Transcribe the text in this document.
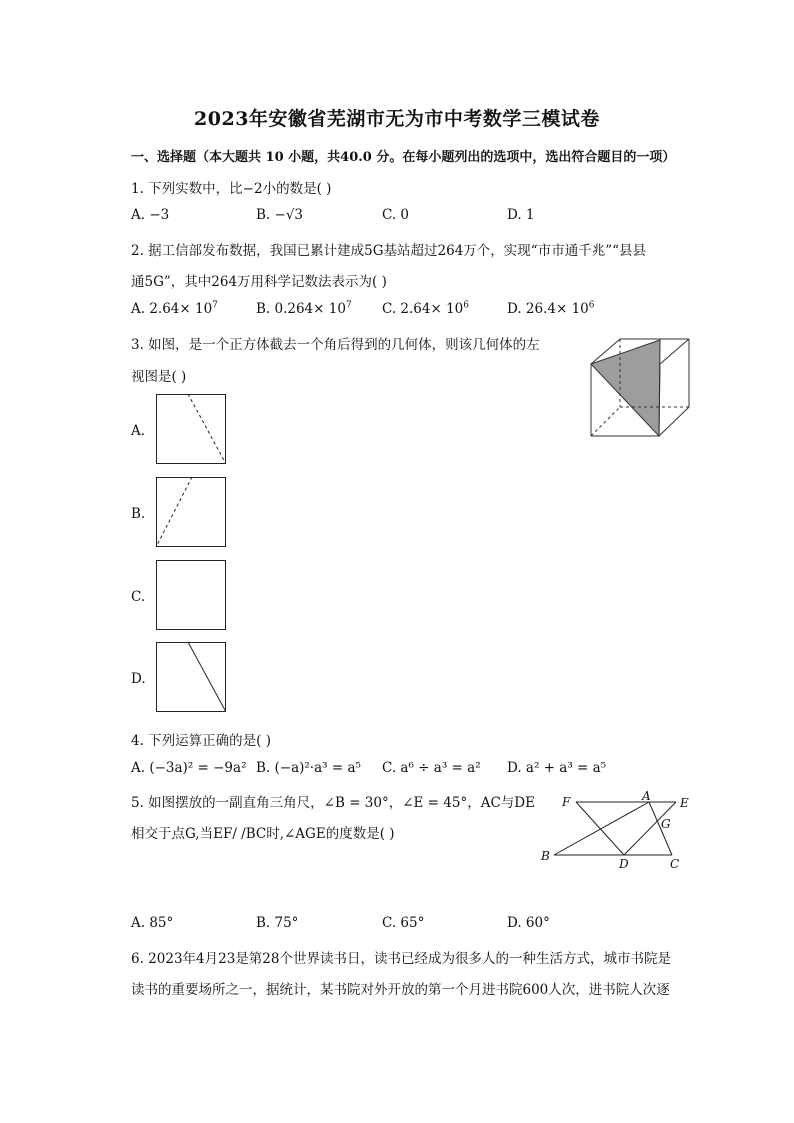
2023年安徽省芜湖市无为市中考数学三模试卷
一、选择题（本大题共 10 小题，共40.0 分。在每小题列出的选项中，选出符合题目的一项）
1. 下列实数中，比−2小的数是( )
A. −3	B. −√3	C. 0	D. 1
2. 据工信部发布数据，我国已累计建成5G基站超过264万个，实现“市市通千兆”“县县
通5G”，其中264万用科学记数法表示为( )
A. $2.64\times 10^7$	B. $0.264\times 10^7$ C. $2.64\times 10^6$	D. $26.4\times 10^6$
3. 如图，是一个正方体截去一个角后得到的几何体，则该几何体的左
视图是( )
A.
B.
C.
D.
4. 下列运算正确的是( )
A. (−3a)² = −9a² B. (−a)²·a³ = a⁵ C. a⁶ ÷ a³ = a² D. a² + a³ = a⁵
5. 如图摆放的一副直角三角尺，∠B = 30°，∠E = 45°，AC与DE
相交于点G,当EF/ /BC时,∠AGE的度数是( )
F	A E
G
B
D	C
A. 85°	B. 75°	C. 65°	D. 60°
6. 2023年4月23是第28个世界读书日，读书已经成为很多人的一种生活方式，城市书院是
读书的重要场所之一，据统计，某书院对外开放的第一个月进书院600人次，进书院人次逐
